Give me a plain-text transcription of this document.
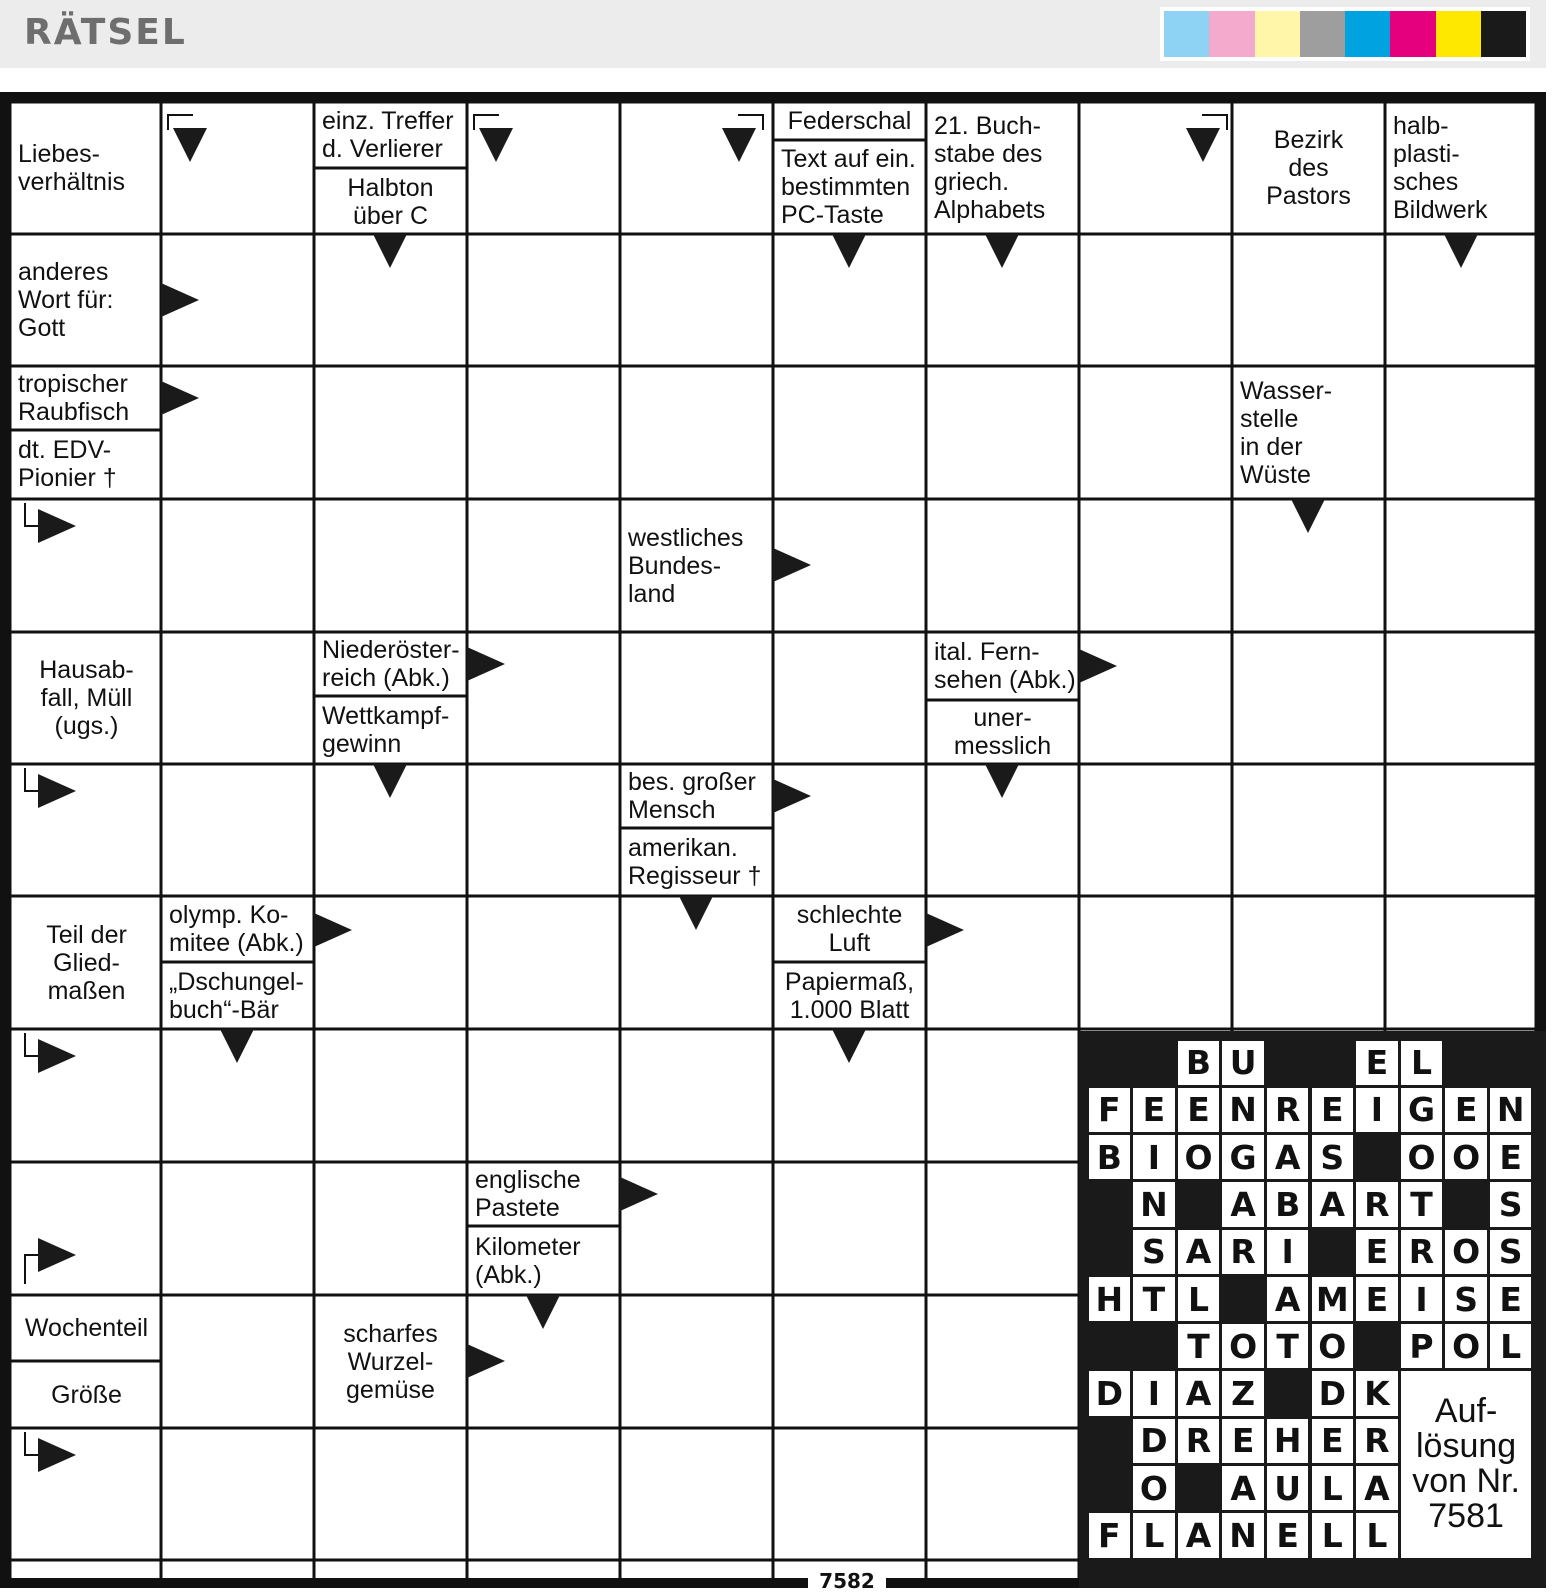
RÄTSEL
Liebes-
verhältnis
einz. Treffer
d. Verlierer
Halbton
über C
Federschal
Text auf ein.
bestimmten
PC-Taste
21. Buch-
stabe des
griech.
Alphabets
Bezirk
des
Pastors
halb-
plasti-
sches
Bildwerk
anderes
Wort für:
Gott
tropischer
Raubfisch
dt. EDV-
Pionier †
Wasser-
stelle
in der
Wüste
westliches
Bundes-
land
Hausab-
fall, Müll
(ugs.)
Niederöster-
reich (Abk.)
Wettkampf-
gewinn
ital. Fern-
sehen (Abk.)
uner-
messlich
bes. großer
Mensch
amerikan.
Regisseur †
Teil der
Glied-
maßen
olymp. Ko-
mitee (Abk.)
„Dschungel-
buch“-Bär
schlechte
Luft
Papiermaß,
1.000 Blatt
englische
Pastete
Kilometer
(Abk.)
Wochenteil
Größe
scharfes
Wurzel-
gemüse
B U	E L
F E E N R E I G E N
B I O G A S O O E
N A B A R T S
S A R I	E R O S
H T L	A M E I S E
T O T O P O L
D I A Z D K
D R E H E R
O A U L A
F L A N E L L
Auf-
lösung
von Nr.
7581
7582
